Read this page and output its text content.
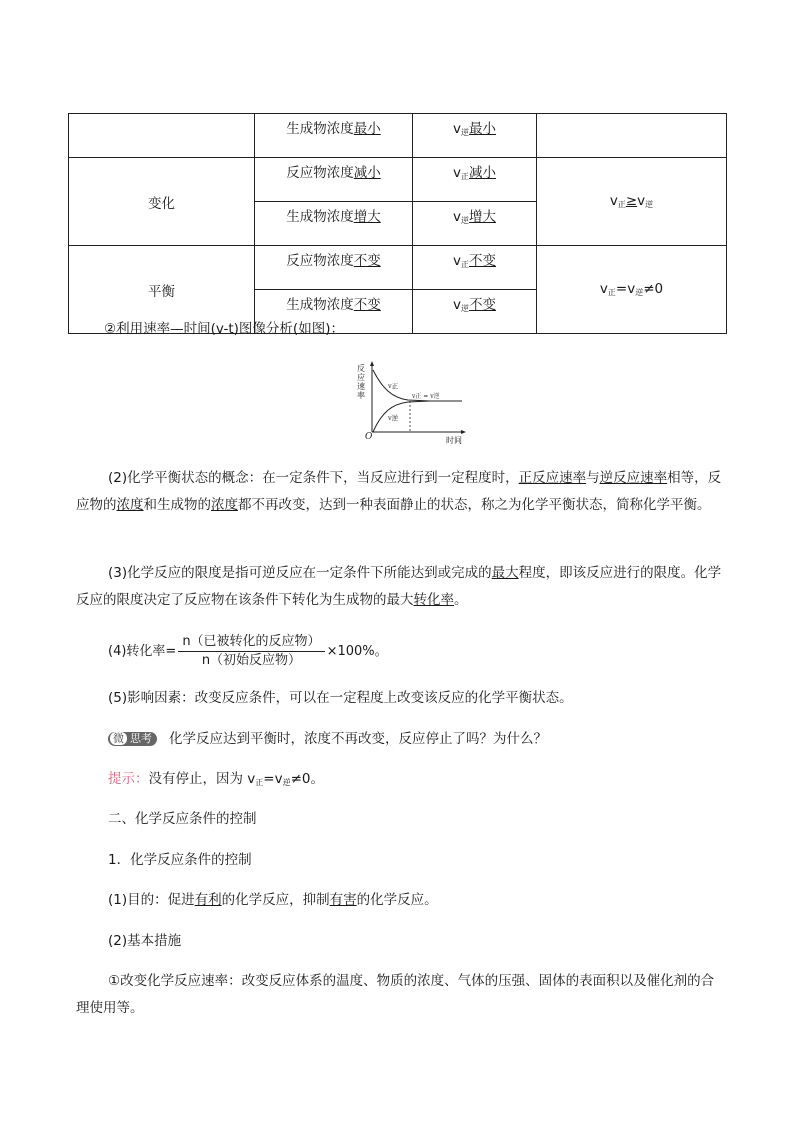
	生成物浓度最小	$v_逆$最小	
变化	反应物浓度减小	$v_正$减小	$v_正\ge v_逆$
	生成物浓度增大	$v_逆$增大	
平衡	反应物浓度不变	$v_正$不变	$v_正=v_逆\ne 0$
	生成物浓度不变	$v_逆$不变	
②利用速率—时间(v-t)图像分析(如图)：
反
应
速
率
O	时间
v正
v逆
v正 = v逆
(2)化学平衡状态的概念：在一定条件下，当反应进行到一定程度时，正反应速率与逆反应速率相等，反应物的浓度和生成物的浓度都不再改变，达到一种表面静止的状态，称之为化学平衡状态，简称化学平衡。
(3)化学反应的限度是指可逆反应在一定条件下所能达到或完成的最大程度，即该反应进行的限度。化学反应的限度决定了反应物在该条件下转化为生成物的最大转化率。
(4)转化率= $\frac{\text{n（已被转化的反应物）}}{\text{n（初始反应物）}} \times 100\%$。
(5)影响因素：改变反应条件，可以在一定程度上改变该反应的化学平衡状态。
微 思考 化学反应达到平衡时，浓度不再改变，反应停止了吗？为什么？
提示：没有停止，因为 $v_正=v_逆\ne 0$。
二、化学反应条件的控制
1．化学反应条件的控制
(1)目的：促进有利的化学反应，抑制有害的化学反应。
(2)基本措施
①改变化学反应速率：改变反应体系的温度、物质的浓度、气体的压强、固体的表面积以及催化剂的合理使用等。
